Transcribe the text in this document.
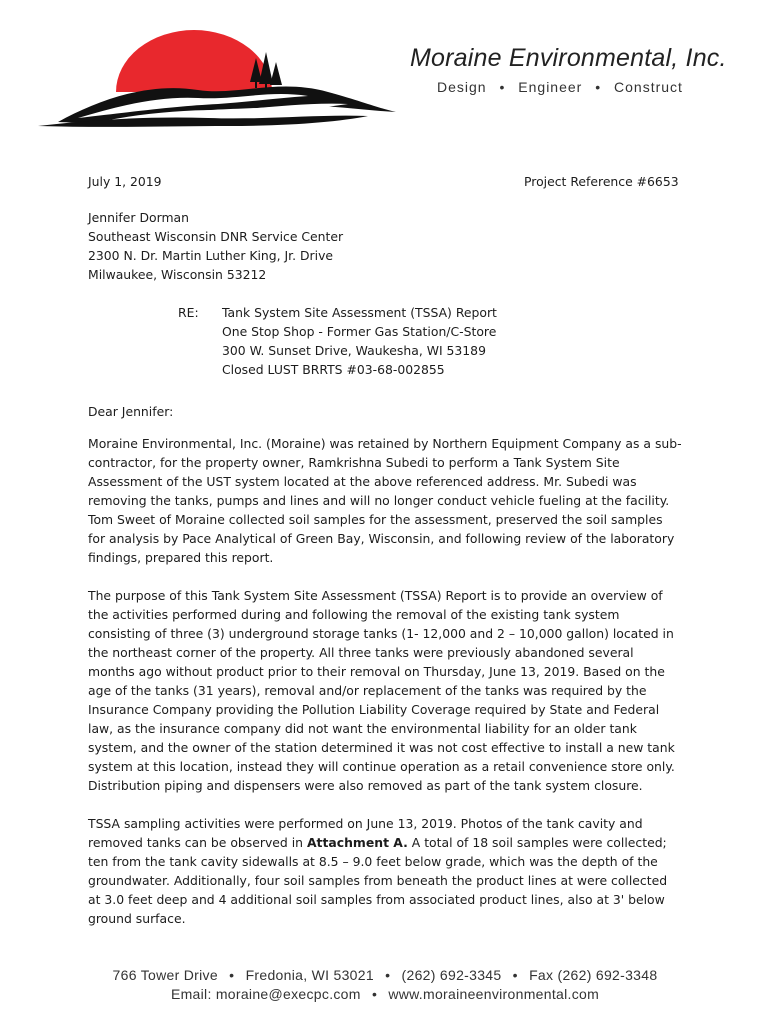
Moraine Environmental, Inc.
Design • Engineer • Construct
July 1, 2019	Project Reference #6653
Jennifer Dorman
Southeast Wisconsin DNR Service Center
2300 N. Dr. Martin Luther King, Jr. Drive
Milwaukee, Wisconsin 53212
RE: Tank System Site Assessment (TSSA) Report
One Stop Shop - Former Gas Station/C-Store
300 W. Sunset Drive, Waukesha, WI 53189
Closed LUST BRRTS #03-68-002855
Dear Jennifer:

Moraine Environmental, Inc. (Moraine) was retained by Northern Equipment Company as a sub-contractor, for the property owner, Ramkrishna Subedi to perform a Tank System Site Assessment of the UST system located at the above referenced address. Mr. Subedi was removing the tanks, pumps and lines and will no longer conduct vehicle fueling at the facility. Tom Sweet of Moraine collected soil samples for the assessment, preserved the soil samples for analysis by Pace Analytical of Green Bay, Wisconsin, and following review of the laboratory findings, prepared this report.

The purpose of this Tank System Site Assessment (TSSA) Report is to provide an overview of the activities performed during and following the removal of the existing tank system consisting of three (3) underground storage tanks (1- 12,000 and 2 – 10,000 gallon) located in the northeast corner of the property. All three tanks were previously abandoned several months ago without product prior to their removal on Thursday, June 13, 2019. Based on the age of the tanks (31 years), removal and/or replacement of the tanks was required by the Insurance Company providing the Pollution Liability Coverage required by State and Federal law, as the insurance company did not want the environmental liability for an older tank system, and the owner of the station determined it was not cost effective to install a new tank system at this location, instead they will continue operation as a retail convenience store only. Distribution piping and dispensers were also removed as part of the tank system closure.

TSSA sampling activities were performed on June 13, 2019. Photos of the tank cavity and removed tanks can be observed in Attachment A. A total of 18 soil samples were collected; ten from the tank cavity sidewalls at 8.5 – 9.0 feet below grade, which was the depth of the groundwater. Additionally, four soil samples from beneath the product lines at were collected at 3.0 feet deep and 4 additional soil samples from associated product lines, also at 3' below ground surface.

766 Tower Drive • Fredonia, WI 53021 • (262) 692-3345 • Fax (262) 692-3348
Email: moraine@execpc.com • www.moraineenvironmental.com
